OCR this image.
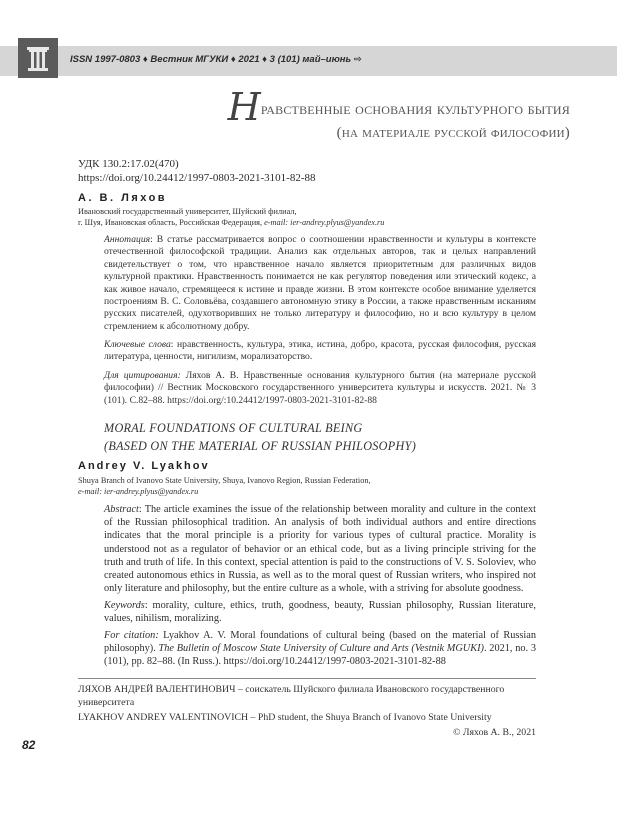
ISSN 1997-0803 ♦ Вестник МГУКИ ♦ 2021 ♦ 3 (101) май–июнь ⇨
Нравственные основания культурного бытия
(на материале русской философии)
УДК 130.2:17.02(470)
https://doi.org/10.24412/1997-0803-2021-3101-82-88
А. В. Ляхов
Ивановский государственный университет, Шуйский филиал,
г. Шуя, Ивановская область, Российская Федерация, e-mail: ier-andrey.plyus@yandex.ru
Аннотация: В статье рассматривается вопрос о соотношении нравственности и культуры в контексте отечественной философской традиции. Анализ как отдельных авторов, так и целых направлений свидетельствует о том, что нравственное начало является приоритетным для различных видов культурной практики. Нравственность понимается не как регулятор поведения или этический кодекс, а как живое начало, стремящееся к истине и правде жизни. В этом контексте особое внимание уделяется построениям В. С. Соловьёва, создавшего автономную этику в России, а также нравственным исканиям русских писателей, одухотворивших не только литературу и философию, но и всю культуру в целом стремлением к абсолютному добру.
Ключевые слова: нравственность, культура, этика, истина, добро, красота, русская философия, русская литература, ценности, нигилизм, морализаторство.
Для цитирования: Ляхов А. В. Нравственные основания культурного бытия (на материале русской философии) // Вестник Московского государственного университета культуры и искусств. 2021. № 3 (101). С.82–88. https://doi.org/:10.24412/1997-0803-2021-3101-82-88
MORAL FOUNDATIONS OF CULTURAL BEING
(BASED ON THE MATERIAL OF RUSSIAN PHILOSOPHY)
Andrey V. Lyakhov
Shuya Branch of Ivanovo State University, Shuya, Ivanovo Region, Russian Federation,
e-mail: ier-andrey.plyus@yandex.ru
Abstract: The article examines the issue of the relationship between morality and culture in the context of the Russian philosophical tradition. An analysis of both individual authors and entire directions indicates that the moral principle is a priority for various types of cultural practice. Morality is understood not as a regulator of behavior or an ethical code, but as a living principle striving for the truth and truth of life. In this context, special attention is paid to the constructions of V. S. Soloviev, who created autonomous ethics in Russia, as well as to the moral quest of Russian writers, who inspired not only literature and philosophy, but the entire culture as a whole, with a striving for absolute goodness.
Keywords: morality, culture, ethics, truth, goodness, beauty, Russian philosophy, Russian literature, values, nihilism, moralizing.
For citation: Lyakhov A. V. Moral foundations of cultural being (based on the material of Russian philosophy). The Bulletin of Moscow State University of Culture and Arts (Vestnik MGUKI). 2021, no. 3 (101), pp. 82–88. (In Russ.). https://doi.org/10.24412/1997-0803-2021-3101-82-88
ЛЯХОВ АНДРЕЙ ВАЛЕНТИНОВИЧ – соискатель Шуйского филиала Ивановского государственного университета
LYAKHOV ANDREY VALENTINOVICH – PhD student, the Shuya Branch of Ivanovo State University
© Ляхов А. В., 2021
82
